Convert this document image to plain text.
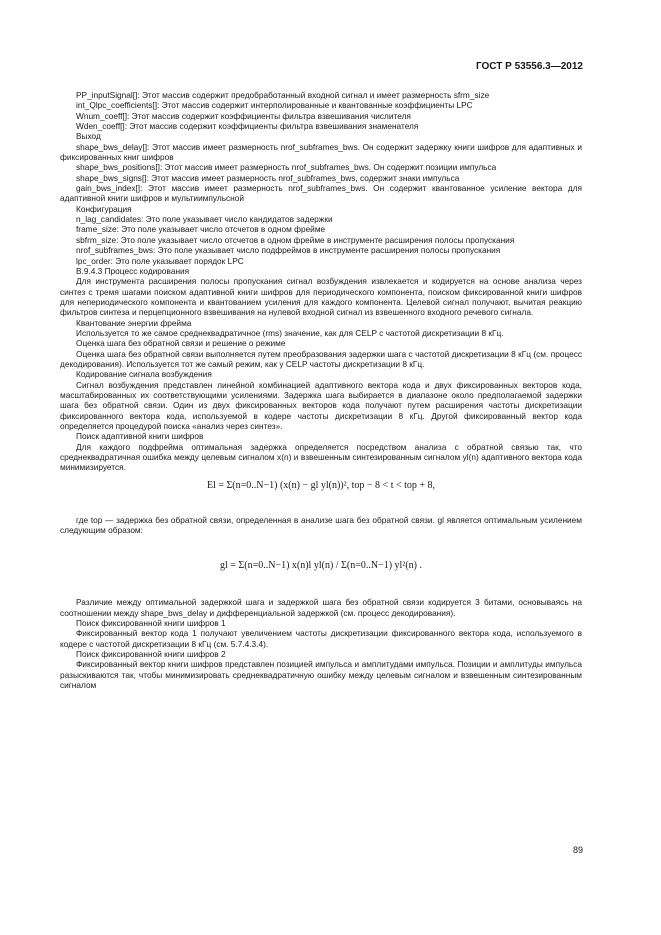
ГОСТ Р 53556.3—2012

PP_inputSignal[]: Этот массив содержит предобработанный входной сигнал и имеет размерность sfrm_size

int_Qlpc_coefficients[]: Этот массив содержит интерполированные и квантованные коэффициенты LPC

Wnum_coeff[]: Этот массив содержит коэффициенты фильтра взвешивания числителя

Wden_coeff[]: Этот массив содержит коэффициенты фильтра взвешивания знаменателя

Выход

shape_bws_delay[]: Этот массив имеет размерность nrof_subframes_bws. Он содержит задержку книги шифров для адаптивных и фиксированных книг шифров

shape_bws_positions[]: Этот массив имеет размерность nrof_subframes_bws. Он содержит позиции импульса

shape_bws_signs[]: Этот массив имеет размерность nrof_subframes_bws, содержит знаки импульса

gain_bws_index[]: Этот массив имеет размерность nrof_subframes_bws. Он содержит квантованное усиление вектора для адаптивной книги шифров и мультиимпульсной

Конфигурация

n_lag_candidates: Это поле указывает число кандидатов задержки

frame_size: Это поле указывает число отсчетов в одном фрейме

sbfrm_size: Это поле указывает число отсчетов в одном фрейме в инструменте расширения полосы пропускания

nrof_subframes_bws: Это поле указывает число подфреймов в инструменте расширения полосы пропускания

lpc_order: Это поле указывает порядок LPC

В.9.4.3 Процесс кодирования

Для инструмента расширения полосы пропускания сигнал возбуждения извлекается и кодируется на основе анализа через синтез с тремя шагами поиском адаптивной книги шифров для периодического компонента, поиском фиксированной книги шифров для непериодического компонента и квантованием усиления для каждого компонента. Целевой сигнал получают, вычитая реакцию фильтров синтеза и перцепционного взвешивания на нулевой входной сигнал из взвешенного входного речевого сигнала.

Квантование энергии фрейма

Используется то же самое среднеквадратичное (rms) значение, как для CELP с частотой дискретизации 8 кГц.

Оценка шага без обратной связи и решение о режиме

Оценка шага без обратной связи выполняется путем преобразования задержки шага с частотой дискретизации 8 кГц (см. процесс декодирования). Используется тот же самый режим, как у CELP частоты дискретизации 8 кГц.

Кодирование сигнала возбуждения

Сигнал возбуждения представлен линейной комбинацией адаптивного вектора кода и двух фиксированных векторов кода, масштабированных их соответствующими усилениями. Задержка шага выбирается в диапазоне около предполагаемой задержки шага без обратной связи. Один из двух фиксированных векторов кода получают путем расширения частоты дискретизации фиксированного вектора кода, используемой в кодере частоты дискретизации 8 кГц. Другой фиксированный вектор кода определяется процедурой поиска «анализ через синтез».

Поиск адаптивной книги шифров

Для каждого подфрейма оптимальная задержка определяется посредством анализа с обратной связью так, что среднеквадратичная ошибка между целевым сигналом x(n) и взвешенным синтезированным сигналом yl(n) адаптивного вектора кода минимизируется.

El = Σ(n=0..N−1) (x(n) − gl yl(n))², top − 8 < t < top + 8,

где top — задержка без обратной связи, определенная в анализе шага без обратной связи. gl является оптимальным усилением следующим образом:

gl = Σ(n=0..N−1) x(n)l yl(n) / Σ(n=0..N−1) yl²(n) .

Различие между оптимальной задержкой шага и задержкой шага без обратной связи кодируется 3 битами, основываясь на соотношении между shape_bws_delay и дифференциальной задержкой (см. процесс декодирования).

Поиск фиксированной книги шифров 1

Фиксированный вектор кода 1 получают увеличением частоты дискретизации фиксированного вектора кода, используемого в кодере с частотой дискретизации 8 кГц (см. 5.7.4.3.4).

Поиск фиксированной книги шифров 2

Фиксированный вектор книги шифров представлен позицией импульса и амплитудами импульса. Позиции и амплитуды импульса разыскиваются так, чтобы минимизировать среднеквадратичную ошибку между целевым сигналом и взвешенным синтезированным сигналом

89
